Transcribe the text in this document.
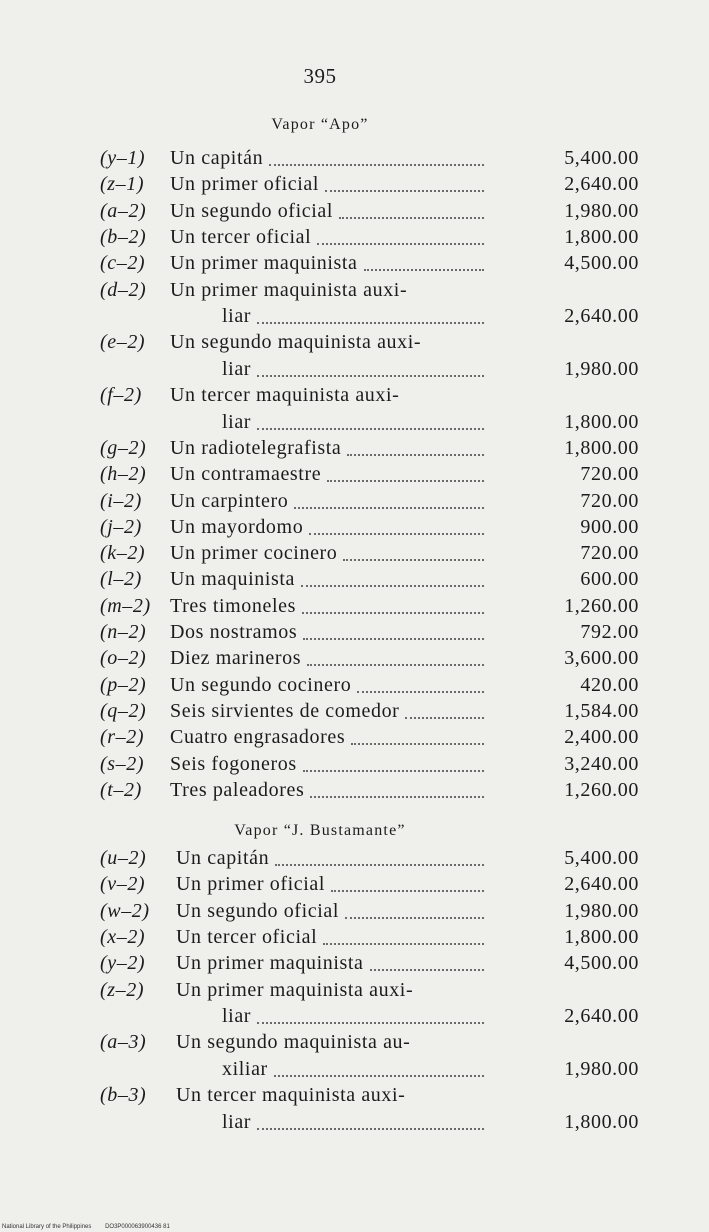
395
Vapor “Apo”
(y–1) Un capitán	5,400.00
(z–1) Un primer oficial	2,640.00
(a–2) Un segundo oficial	1,980.00
(b–2) Un tercer oficial	1,800.00
(c–2) Un primer maquinista	4,500.00
(d–2) Un primer maquinista auxi-
liar	2,640.00
(e–2) Un segundo maquinista auxi-
liar	1,980.00
(f–2) Un tercer maquinista auxi-
liar	1,800.00
(g–2) Un radiotelegrafista	1,800.00
(h–2) Un contramaestre	720.00
(i–2) Un carpintero	720.00
(j–2) Un mayordomo	900.00
(k–2) Un primer cocinero	720.00
(l–2) Un maquinista	600.00
(m–2) Tres timoneles	1,260.00
(n–2) Dos nostramos	792.00
(o–2) Diez marineros	3,600.00
(p–2) Un segundo cocinero	420.00
(q–2) Seis sirvientes de comedor	1,584.00
(r–2) Cuatro engrasadores	2,400.00
(s–2) Seis fogoneros	3,240.00
(t–2) Tres paleadores	1,260.00
Vapor “J. Bustamante”
(u–2) Un capitán	5,400.00
(v–2) Un primer oficial	2,640.00
(w–2) Un segundo oficial	1,980.00
(x–2) Un tercer oficial	1,800.00
(y–2) Un primer maquinista	4,500.00
(z–2) Un primer maquinista auxi-
liar	2,640.00
(a–3) Un segundo maquinista au-
xiliar	1,980.00
(b–3) Un tercer maquinista auxi-
liar	1,800.00
National Library of the Philippines DO3P000063900436 81
